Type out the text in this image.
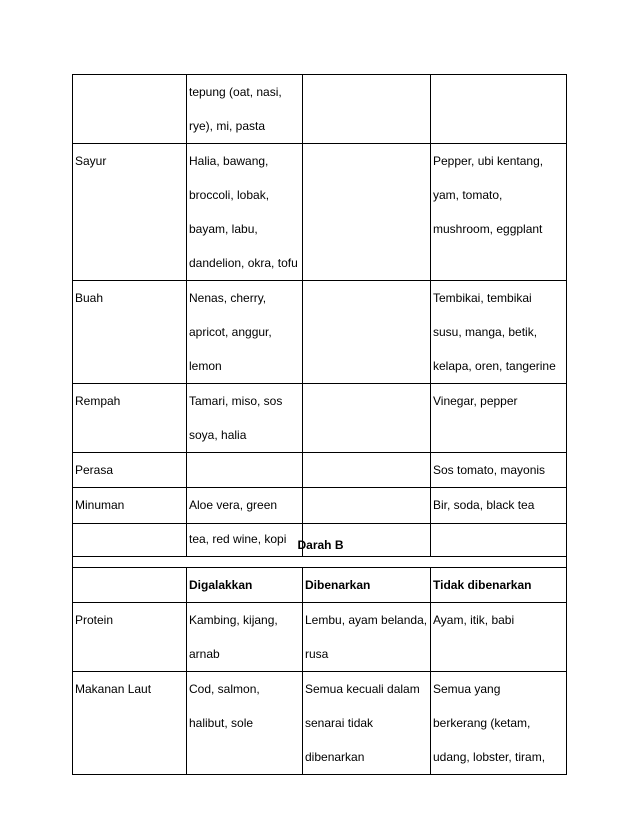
	tepung (oat, nasi,
rye), mi, pasta		

Sayur	Halia, bawang,
broccoli, lobak,
bayam, labu,
dandelion, okra, tofu		Pepper, ubi kentang,
yam, tomato,
mushroom, eggplant

Buah	Nenas, cherry,
apricot, anggur,
lemon		Tembikai, tembikai
susu, manga, betik,
kelapa, oren, tangerine

Rempah	Tamari, miso, sos
soya, halia		Vinegar, pepper

Perasa			Sos tomato, mayonis

Minuman	Aloe vera, green
tea, red wine, kopi		Bir, soda, black tea
Darah B			

	Digalakkan	Dibenarkan	Tidak dibenarkan

Protein	Kambing, kijang,
arnab	Lembu, ayam belanda,
rusa	Ayam, itik, babi

Makanan Laut	Cod, salmon,
halibut, sole	Semua kecuali dalam
senarai tidak
dibenarkan	Semua yang
berkerang (ketam,
udang, lobster, tiram,
